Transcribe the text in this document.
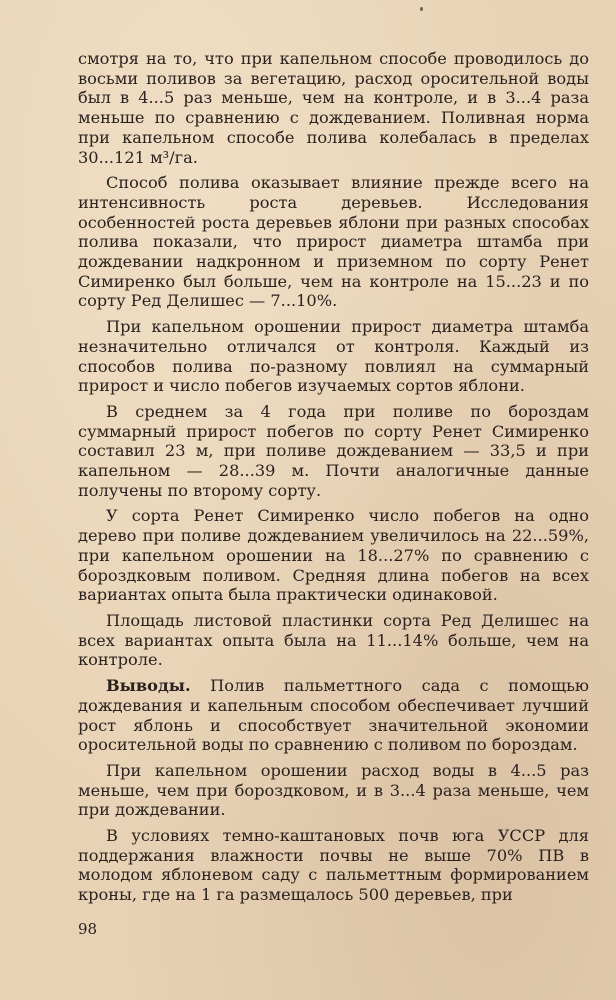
смотря на то, что при капельном способе проводилось до восьми поливов за вегетацию, расход оросительной воды был в 4...5 раз меньше, чем на контроле, и в 3...4 раза меньше по сравнению с дождеванием. Поливная норма при капельном способе полива колебалась в пределах 30...121 м³/га.

Способ полива оказывает влияние прежде всего на интенсивность роста деревьев. Исследования особенностей роста деревьев яблони при разных способах полива показали, что прирост диаметра штамба при дождевании надкронном и приземном по сорту Ренет Симиренко был больше, чем на контроле на 15...23 и по сорту Ред Делишес — 7...10%.

При капельном орошении прирост диаметра штамба незначительно отличался от контроля. Каждый из способов полива по-разному повлиял на суммарный прирост и число побегов изучаемых сортов яблони.

В среднем за 4 года при поливе по бороздам суммарный прирост побегов по сорту Ренет Симиренко составил 23 м, при поливе дождеванием — 33,5 и при капельном — 28...39 м. Почти аналогичные данные получены по второму сорту.

У сорта Ренет Симиренко число побегов на одно дерево при поливе дождеванием увеличилось на 22...59%, при капельном орошении на 18...27% по сравнению с бороздковым поливом. Средняя длина побегов на всех вариантах опыта была практически одинаковой.

Площадь листовой пластинки сорта Ред Делишес на всех вариантах опыта была на 11...14% больше, чем на контроле.

Выводы. Полив пальметтного сада с помощью дождевания и капельным способом обеспечивает лучший рост яблонь и способствует значительной экономии оросительной воды по сравнению с поливом по бороздам.

При капельном орошении расход воды в 4...5 раз меньше, чем при бороздковом, и в 3...4 раза меньше, чем при дождевании.

В условиях темно-каштановых почв юга УССР для поддержания влажности почвы не выше 70% ПВ в молодом яблоневом саду с пальметтным формированием кроны, где на 1 га размещалось 500 деревьев, при

98
